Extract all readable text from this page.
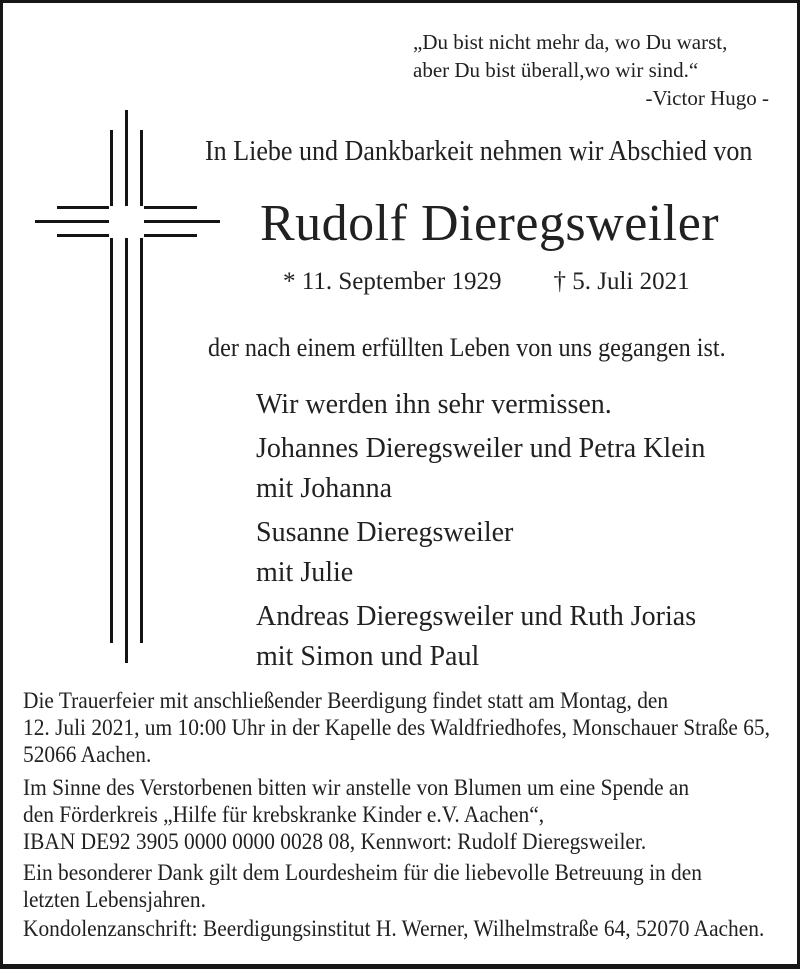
„Du bist nicht mehr da, wo Du warst,
aber Du bist überall,wo wir sind.“
-Victor Hugo -
In Liebe und Dankbarkeit nehmen wir Abschied von
Rudolf Dieregsweiler
* 11. September 1929 † 5. Juli 2021
der nach einem erfüllten Leben von uns gegangen ist.
Wir werden ihn sehr vermissen.
Johannes Dieregsweiler und Petra Klein
mit Johanna
Susanne Dieregsweiler
mit Julie
Andreas Dieregsweiler und Ruth Jorias
mit Simon und Paul
Die Trauerfeier mit anschließender Beerdigung findet statt am Montag, den
12. Juli 2021, um 10:00 Uhr in der Kapelle des Waldfriedhofes, Monschauer Straße 65,
52066 Aachen.
Im Sinne des Verstorbenen bitten wir anstelle von Blumen um eine Spende an
den Förderkreis „Hilfe für krebskranke Kinder e.V. Aachen“,
IBAN DE92 3905 0000 0000 0028 08, Kennwort: Rudolf Dieregsweiler.
Ein besonderer Dank gilt dem Lourdesheim für die liebevolle Betreuung in den
letzten Lebensjahren.
Kondolenzanschrift: Beerdigungsinstitut H. Werner, Wilhelmstraße 64, 52070 Aachen.
